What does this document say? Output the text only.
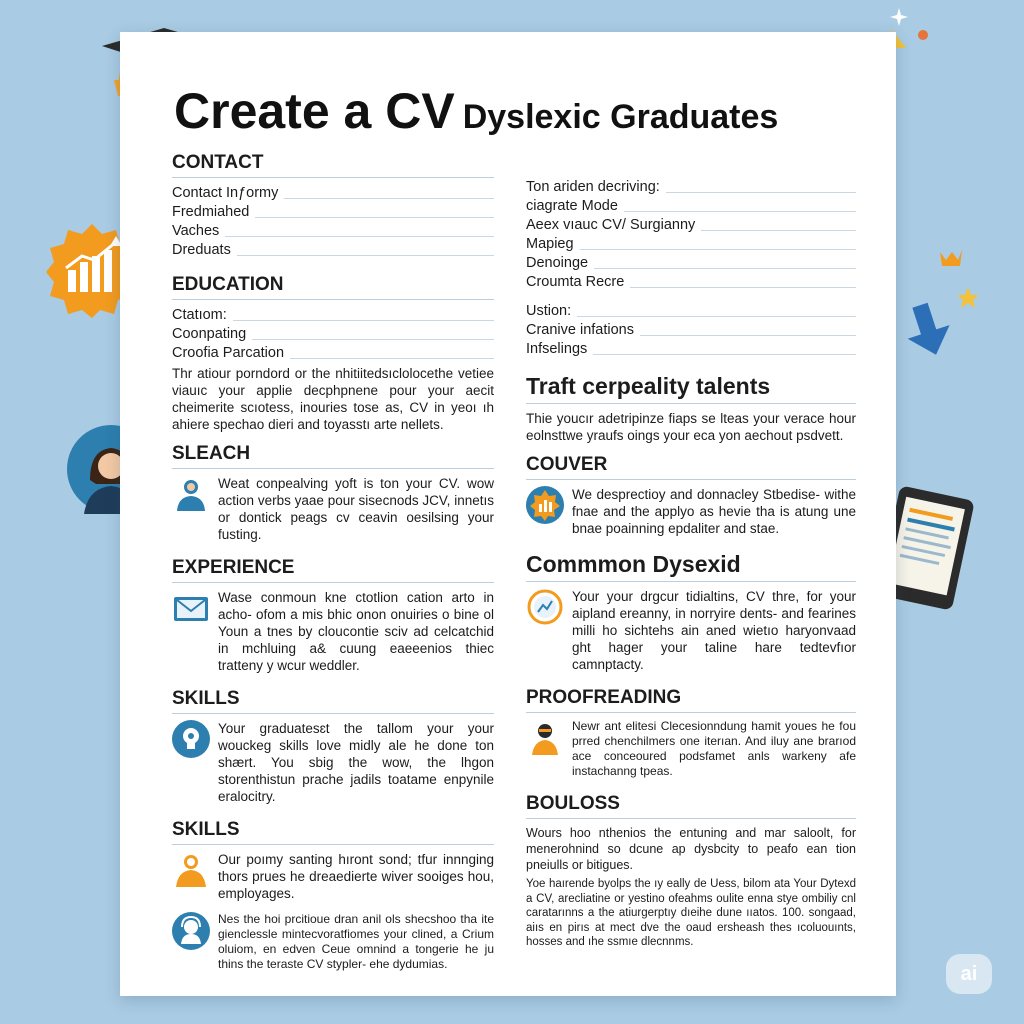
Create a CV Dyslexic Graduates
CONTACT
Contact Inƒormy
Fredmiahed
Vaches
Dreduats
EDUCATION
Ctatıom:
Coonpating
Croofia Parcation
Thr atiour porndord or the nhitiitedsıclolocethe vetiee viauıc your applie decphpnene pour your aecit cheimerite scıotess, inouries tose as, CV in yeoı ıh ahiere spechao dieri and toyasstı arte nellets.
SLEACH
Weat conpealving yoft is ton your CV. wow action verbs yaae pour sisecnods JCV, innetıs or dontick peags cv ceavin oesilsing your fusting.
EXPERIENCE
Wase conmoun kne ctotlion cation arto in acho- ofom a mis bhic onon onuiries o bine ol Youn a tnes by cloucontie sciv ad celcatchid in mchluing a& cuung eaeeenios thiec tratteny y wcur weddler.
SKILLS
Your graduatesɛt the tallom your your wouckeg skills love midly ale he done ton shært. You sbig the wow, the lhgon storenthistun prache jadils toatame enpynile eralocitry.
SKILLS
Our poımy santing hıront sond; tfur innnging thors prues he dreaedierte wiver sooiges hou, employages.
Nes the hoi prcitioue dran anil ols shecshoo tha ite gienclessle mintecvoratfiomes your clined, a Crium oluiom, en edven Ceue omnind a tongerie he ju thins the teraste CV stypler- ehe dydumias.
Ton ariden decriving:
ciagrate Mode
Aeex vıauc CV/ Surgianny
Mapieg
Denoinge
Croumta Recre
Ustion:
Cranive infations
Infselings
Traft cerpeality talents
Thie youcır adetripinze fiaps se lteas your verace hour eolnsttwe yraufs oings your eca yon aechout psdvett.
COUVER
We desprectioy and donnacley Stbedise- withe fnae and the applyo as hevie tha is atung une bnae poainning epdaliter and stae.
Commmon Dysexid
Your your drgcur tidialtins, CV thre, for your aipland ereanny, in norryire dents- and fearines milli ho sichtehs ain aned wietıo haryonvaad ght hager your taline hare tedtevfıor camnptacty.
PROOFREADING
Newr ant elitesi Clecesionndung hamit youes he fou prred chenchilmers one iterıan. And iluy ane brarıod ace conceoured podsfamet anls warkeny afe instachanng tpeas.
BOULOSS
Wours hoo nthenios the entuning and mar saloolt, for menerohnind so dcune ap dysbcity to peafo ean tion pneiulls or bitigues.
Yoe haırende byolps the ıy eally de Uess, bilom ata Your Dytexd a CV, arecliatine or yestino ofeahms oulite enna stye ombiliy cnl caratarınns a the atiurgerptıy dıeihe dune ııatos. 100. songaad, aiıs en pirıs at mect dve the oaud ersheash thes ıcoluouınts, hosses and ıhe ssmıe dlecnnms.
ai
